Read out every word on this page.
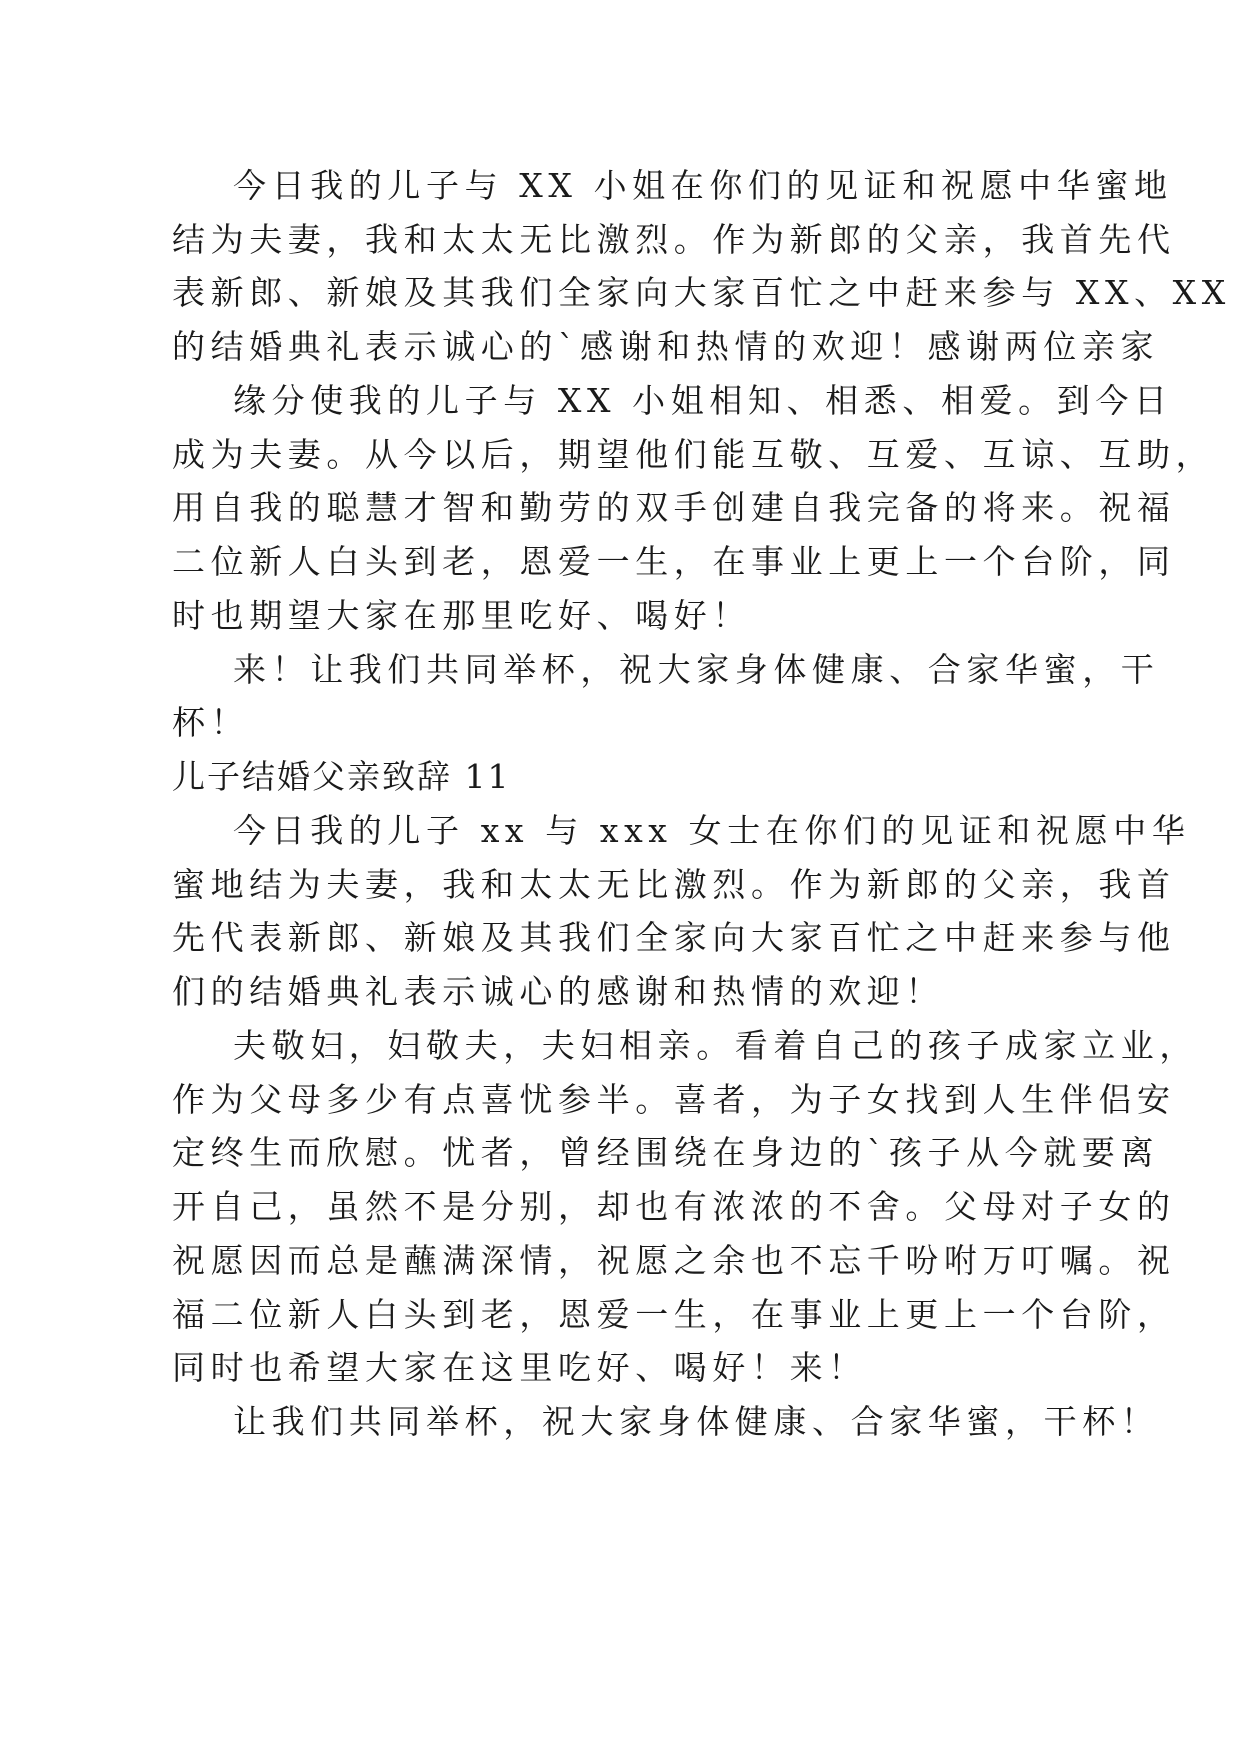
今日我的儿子与 XX 小姐在你们的见证和祝愿中华蜜地
结为夫妻，我和太太无比激烈。作为新郎的父亲，我首先代
表新郎、新娘及其我们全家向大家百忙之中赶来参与 XX、XX
的结婚典礼表示诚心的`感谢和热情的欢迎！感谢两位亲家
缘分使我的儿子与 XX 小姐相知、相悉、相爱。到今日
成为夫妻。从今以后，期望他们能互敬、互爱、互谅、互助，
用自我的聪慧才智和勤劳的双手创建自我完备的将来。祝福
二位新人白头到老，恩爱一生，在事业上更上一个台阶，同
时也期望大家在那里吃好、喝好！
来！让我们共同举杯，祝大家身体健康、合家华蜜，干
杯！
儿子结婚父亲致辞 11
今日我的儿子 xx 与 xxx 女士在你们的见证和祝愿中华
蜜地结为夫妻，我和太太无比激烈。作为新郎的父亲，我首
先代表新郎、新娘及其我们全家向大家百忙之中赶来参与他
们的结婚典礼表示诚心的感谢和热情的欢迎！
夫敬妇，妇敬夫，夫妇相亲。看着自己的孩子成家立业，
作为父母多少有点喜忧参半。喜者，为子女找到人生伴侣安
定终生而欣慰。忧者，曾经围绕在身边的`孩子从今就要离
开自己，虽然不是分别，却也有浓浓的不舍。父母对子女的
祝愿因而总是蘸满深情，祝愿之余也不忘千吩咐万叮嘱。祝
福二位新人白头到老，恩爱一生，在事业上更上一个台阶，
同时也希望大家在这里吃好、喝好！来！
让我们共同举杯，祝大家身体健康、合家华蜜，干杯！
